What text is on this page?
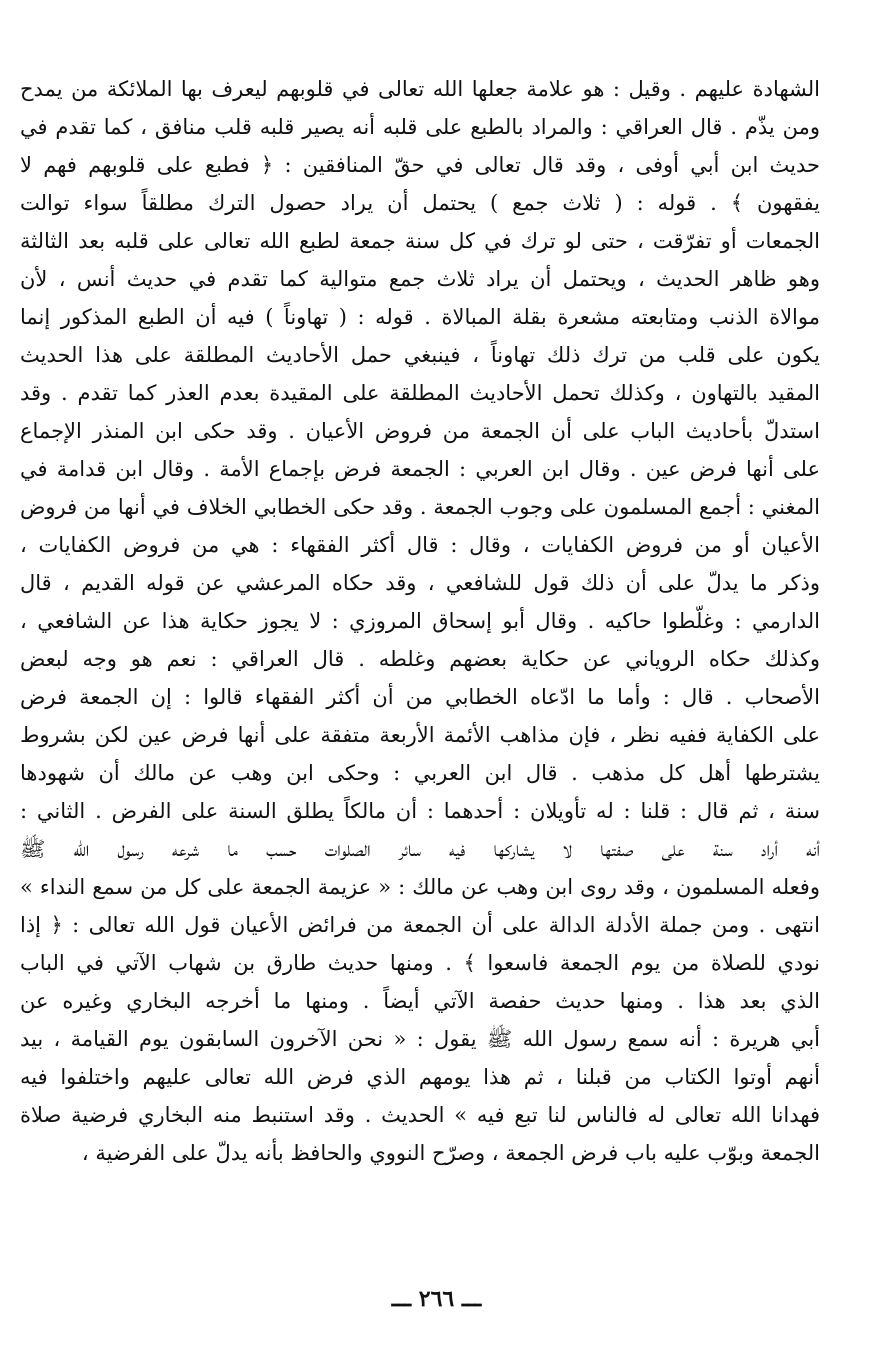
الشهادة عليهم . وقيل : هو علامة جعلها الله تعالى في قلوبهم ليعرف بها الملائكة من يمدح
ومن يذّم . قال العراقي : والمراد بالطبع على قلبه أنه يصير قلبه قلب منافق ، كما تقدم في
حديث ابن أبي أوفى ، وقد قال تعالى في حقّ المنافقين : ﴿ فطبع على قلوبهم فهم لا
يفقهون ﴾ . قوله : ( ثلاث جمع ) يحتمل أن يراد حصول الترك مطلقاً سواء توالت
الجمعات أو تفرّقت ، حتى لو ترك في كل سنة جمعة لطبع الله تعالى على قلبه بعد الثالثة
وهو ظاهر الحديث ، ويحتمل أن يراد ثلاث جمع متوالية كما تقدم في حديث أنس ، لأن
موالاة الذنب ومتابعته مشعرة بقلة المبالاة . قوله : ( تهاوناً ) فيه أن الطبع المذكور إنما
يكون على قلب من ترك ذلك تهاوناً ، فينبغي حمل الأحاديث المطلقة على هذا الحديث
المقيد بالتهاون ، وكذلك تحمل الأحاديث المطلقة على المقيدة بعدم العذر كما تقدم . وقد
استدلّ بأحاديث الباب على أن الجمعة من فروض الأعيان . وقد حكى ابن المنذر الإجماع
على أنها فرض عين . وقال ابن العربي : الجمعة فرض بإجماع الأمة . وقال ابن قدامة في
المغني : أجمع المسلمون على وجوب الجمعة . وقد حكى الخطابي الخلاف في أنها من فروض
الأعيان أو من فروض الكفايات ، وقال : قال أكثر الفقهاء : هي من فروض الكفايات ،
وذكر ما يدلّ على أن ذلك قول للشافعي ، وقد حكاه المرعشي عن قوله القديم ، قال
الدارمي : وغلّطوا حاكيه . وقال أبو إسحاق المروزي : لا يجوز حكاية هذا عن الشافعي ،
وكذلك حكاه الروياني عن حكاية بعضهم وغلطه . قال العراقي : نعم هو وجه لبعض
الأصحاب . قال : وأما ما ادّعاه الخطابي من أن أكثر الفقهاء قالوا : إن الجمعة فرض
على الكفاية ففيه نظر ، فإن مذاهب الأئمة الأربعة متفقة على أنها فرض عين لكن بشروط
يشترطها أهل كل مذهب . قال ابن العربي : وحكى ابن وهب عن مالك أن شهودها
سنة ، ثم قال : قلنا : له تأويلان : أحدهما : أن مالكاً يطلق السنة على الفرض . الثاني :
أنه أراد سنة على صفتها لا يشاركها فيه سائر الصلوات حسب ما شرعه رسول الله ﷺ
وفعله المسلمون ، وقد روى ابن وهب عن مالك : « عزيمة الجمعة على كل من سمع النداء »
انتهى . ومن جملة الأدلة الدالة على أن الجمعة من فرائض الأعيان قول الله تعالى : ﴿ إذا
نودي للصلاة من يوم الجمعة فاسعوا ﴾ . ومنها حديث طارق بن شهاب الآتي في الباب
الذي بعد هذا . ومنها حديث حفصة الآتي أيضاً . ومنها ما أخرجه البخاري وغيره عن
أبي هريرة : أنه سمع رسول الله ﷺ يقول : « نحن الآخرون السابقون يوم القيامة ، بيد
أنهم أوتوا الكتاب من قبلنا ، ثم هذا يومهم الذي فرض الله تعالى عليهم واختلفوا فيه
فهدانا الله تعالى له فالناس لنا تبع فيه » الحديث . وقد استنبط منه البخاري فرضية صلاة
الجمعة وبوّب عليه باب فرض الجمعة ، وصرّح النووي والحافظ بأنه يدلّ على الفرضية ،
ـــ ٢٦٦ ـــ
